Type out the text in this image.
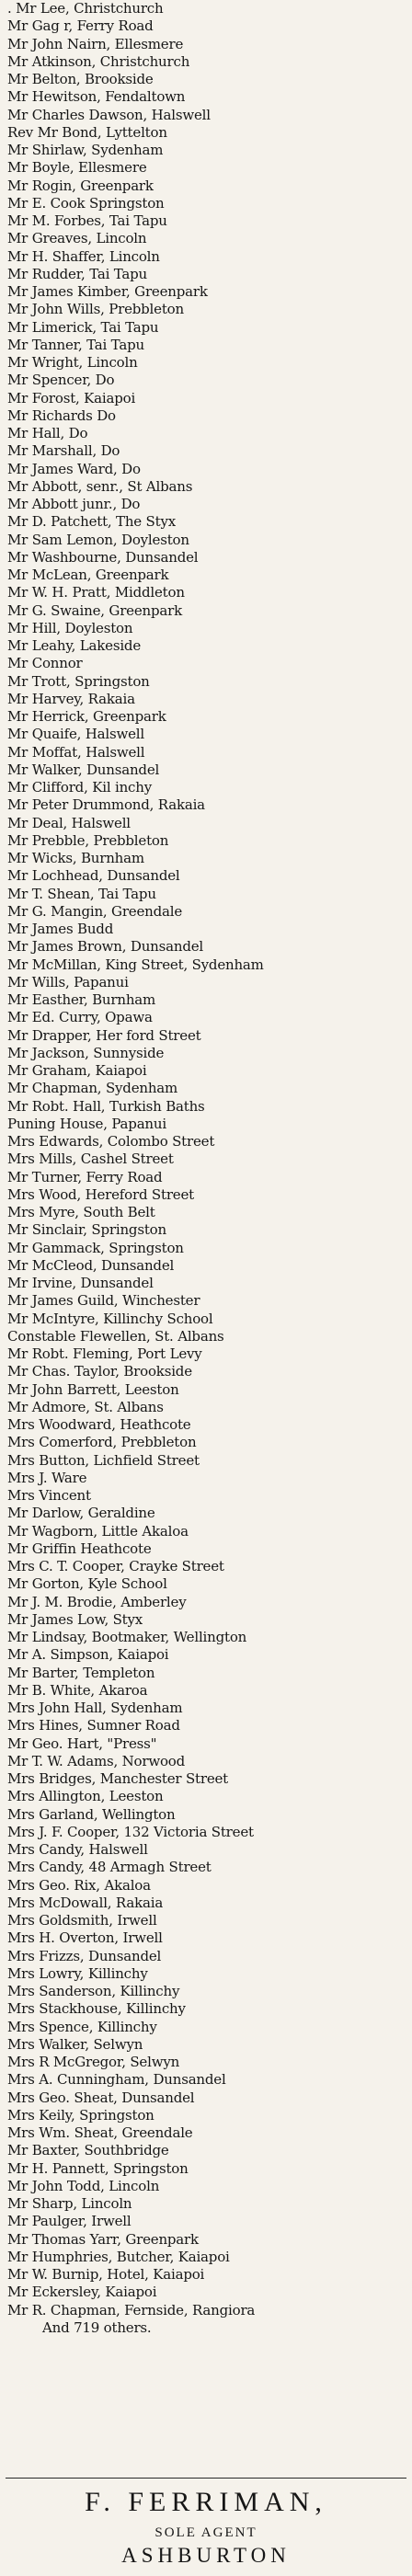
. Mr Lee, Christchurch
Mr Gag r, Ferry Road
Mr John Nairn, Ellesmere
Mr Atkinson, Christchurch
Mr Belton, Brookside
Mr Hewitson, Fendaltown
Mr Charles Dawson, Halswell
Rev Mr Bond, Lyttelton
Mr Shirlaw, Sydenham
Mr Boyle, Ellesmere
Mr Rogin, Greenpark
Mr E. Cook Springston
Mr M. Forbes, Tai Tapu
Mr Greaves, Lincoln
Mr H. Shaffer, Lincoln
Mr Rudder, Tai Tapu
Mr James Kimber, Greenpark
Mr John Wills, Prebbleton
Mr Limerick, Tai Tapu
Mr Tanner, Tai Tapu
Mr Wright, Lincoln
Mr Spencer, Do
Mr Forost, Kaiapoi
Mr Richards Do
Mr Hall, Do
Mr Marshall, Do
Mr James Ward, Do
Mr Abbott, senr., St Albans
Mr Abbott junr., Do
Mr D. Patchett, The Styx
Mr Sam Lemon, Doyleston
Mr Washbourne, Dunsandel
Mr McLean, Greenpark
Mr W. H. Pratt, Middleton
Mr G. Swaine, Greenpark
Mr Hill, Doyleston
Mr Leahy, Lakeside
Mr Connor
Mr Trott, Springston
Mr Harvey, Rakaia
Mr Herrick, Greenpark
Mr Quaife, Halswell
Mr Moffat, Halswell
Mr Walker, Dunsandel
Mr Clifford, Kil inchy
Mr Peter Drummond, Rakaia
Mr Deal, Halswell
Mr Prebble, Prebbleton
Mr Wicks, Burnham
Mr Lochhead, Dunsandel
Mr T. Shean, Tai Tapu
Mr G. Mangin, Greendale
Mr James Budd
Mr James Brown, Dunsandel
Mr McMillan, King Street, Sydenham
Mr Wills, Papanui
Mr Easther, Burnham
Mr Ed. Curry, Opawa
Mr Drapper, Her ford Street
Mr Jackson, Sunnyside
Mr Graham, Kaiapoi
Mr Chapman, Sydenham
Mr Robt. Hall, Turkish Baths
Puning House, Papanui
Mrs Edwards, Colombo Street
Mrs Mills, Cashel Street
Mr Turner, Ferry Road
Mrs Wood, Hereford Street
Mrs Myre, South Belt
Mr Sinclair, Springston
Mr Gammack, Springston
Mr McCleod, Dunsandel
Mr Irvine, Dunsandel
Mr James Guild, Winchester
Mr McIntyre, Killinchy School
Constable Flewellen, St. Albans
Mr Robt. Fleming, Port Levy
Mr Chas. Taylor, Brookside
Mr John Barrett, Leeston
Mr Admore, St. Albans
Mrs Woodward, Heathcote
Mrs Comerford, Prebbleton
Mrs Button, Lichfield Street
Mrs J. Ware
Mrs Vincent
Mr Darlow, Geraldine
Mr Wagborn, Little Akaloa
Mr Griffin Heathcote
Mrs C. T. Cooper, Crayke Street
Mr Gorton, Kyle School
Mr J. M. Brodie, Amberley
Mr James Low, Styx
Mr Lindsay, Bootmaker, Wellington
Mr A. Simpson, Kaiapoi
Mr Barter, Templeton
Mr B. White, Akaroa
Mrs John Hall, Sydenham
Mrs Hines, Sumner Road
Mr Geo. Hart, "Press"
Mr T. W. Adams, Norwood
Mrs Bridges, Manchester Street
Mrs Allington, Leeston
Mrs Garland, Wellington
Mrs J. F. Cooper, 132 Victoria Street
Mrs Candy, Halswell
Mrs Candy, 48 Armagh Street
Mrs Geo. Rix, Akaloa
Mrs McDowall, Rakaia
Mrs Goldsmith, Irwell
Mrs H. Overton, Irwell
Mrs Frizzs, Dunsandel
Mrs Lowry, Killinchy
Mrs Sanderson, Killinchy
Mrs Stackhouse, Killinchy
Mrs Spence, Killinchy
Mrs Walker, Selwyn
Mrs R McGregor, Selwyn
Mrs A. Cunningham, Dunsandel
Mrs Geo. Sheat, Dunsandel
Mrs Keily, Springston
Mrs Wm. Sheat, Greendale
Mr Baxter, Southbridge
Mr H. Pannett, Springston
Mr John Todd, Lincoln
Mr Sharp, Lincoln
Mr Paulger, Irwell
Mr Thomas Yarr, Greenpark
Mr Humphries, Butcher, Kaiapoi
Mr W. Burnip, Hotel, Kaiapoi
Mr Eckersley, Kaiapoi
Mr R. Chapman, Fernside, Rangiora
And 719 others.
F. FERRIMAN,
SOLE AGENT
ASHBURTON
